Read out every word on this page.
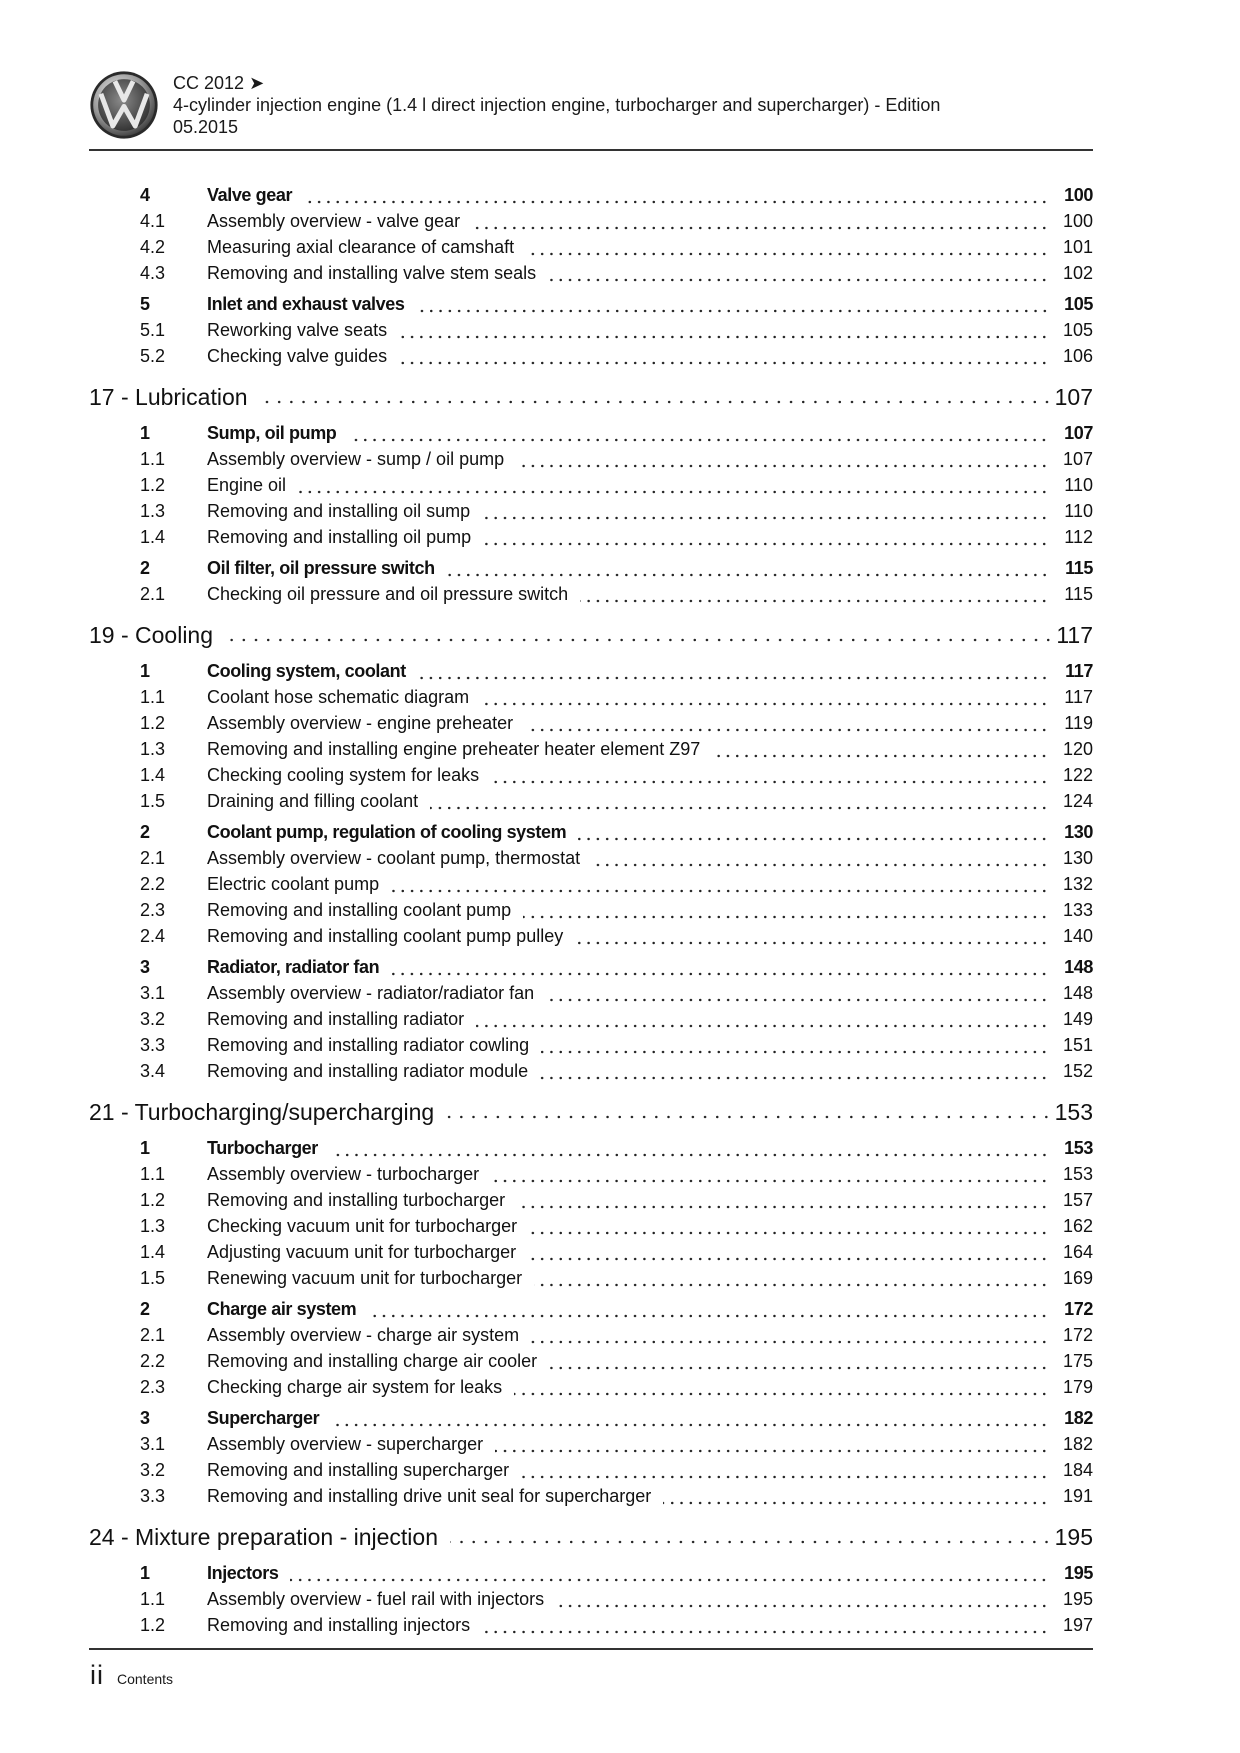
CC 2012 ➤
4-cylinder injection engine (1.4 l direct injection engine, turbocharger and supercharger) - Edition
05.2015
4	Valve gear	100
4.1	Assembly overview - valve gear	100
4.2	Measuring axial clearance of camshaft	101
4.3	Removing and installing valve stem seals	102
5	Inlet and exhaust valves	105
5.1	Reworking valve seats	105
5.2	Checking valve guides	106
17 - Lubrication	107
1	Sump, oil pump	107
1.1	Assembly overview - sump / oil pump	107
1.2	Engine oil	110
1.3	Removing and installing oil sump	110
1.4	Removing and installing oil pump	112
2	Oil filter, oil pressure switch	115
2.1	Checking oil pressure and oil pressure switch	115
19 - Cooling	117
1	Cooling system, coolant	117
1.1	Coolant hose schematic diagram	117
1.2	Assembly overview - engine preheater	119
1.3	Removing and installing engine preheater heater element Z97	120
1.4	Checking cooling system for leaks	122
1.5	Draining and filling coolant	124
2	Coolant pump, regulation of cooling system	130
2.1	Assembly overview - coolant pump, thermostat	130
2.2	Electric coolant pump	132
2.3	Removing and installing coolant pump	133
2.4	Removing and installing coolant pump pulley	140
3	Radiator, radiator fan	148
3.1	Assembly overview - radiator/radiator fan	148
3.2	Removing and installing radiator	149
3.3	Removing and installing radiator cowling	151
3.4	Removing and installing radiator module	152
21 - Turbocharging/supercharging	153
1	Turbocharger	153
1.1	Assembly overview - turbocharger	153
1.2	Removing and installing turbocharger	157
1.3	Checking vacuum unit for turbocharger	162
1.4	Adjusting vacuum unit for turbocharger	164
1.5	Renewing vacuum unit for turbocharger	169
2	Charge air system	172
2.1	Assembly overview - charge air system	172
2.2	Removing and installing charge air cooler	175
2.3	Checking charge air system for leaks	179
3	Supercharger	182
3.1	Assembly overview - supercharger	182
3.2	Removing and installing supercharger	184
3.3	Removing and installing drive unit seal for supercharger	191
24 - Mixture preparation - injection	195
1	Injectors	195
1.1	Assembly overview - fuel rail with injectors	195
1.2	Removing and installing injectors	197
ii Contents
